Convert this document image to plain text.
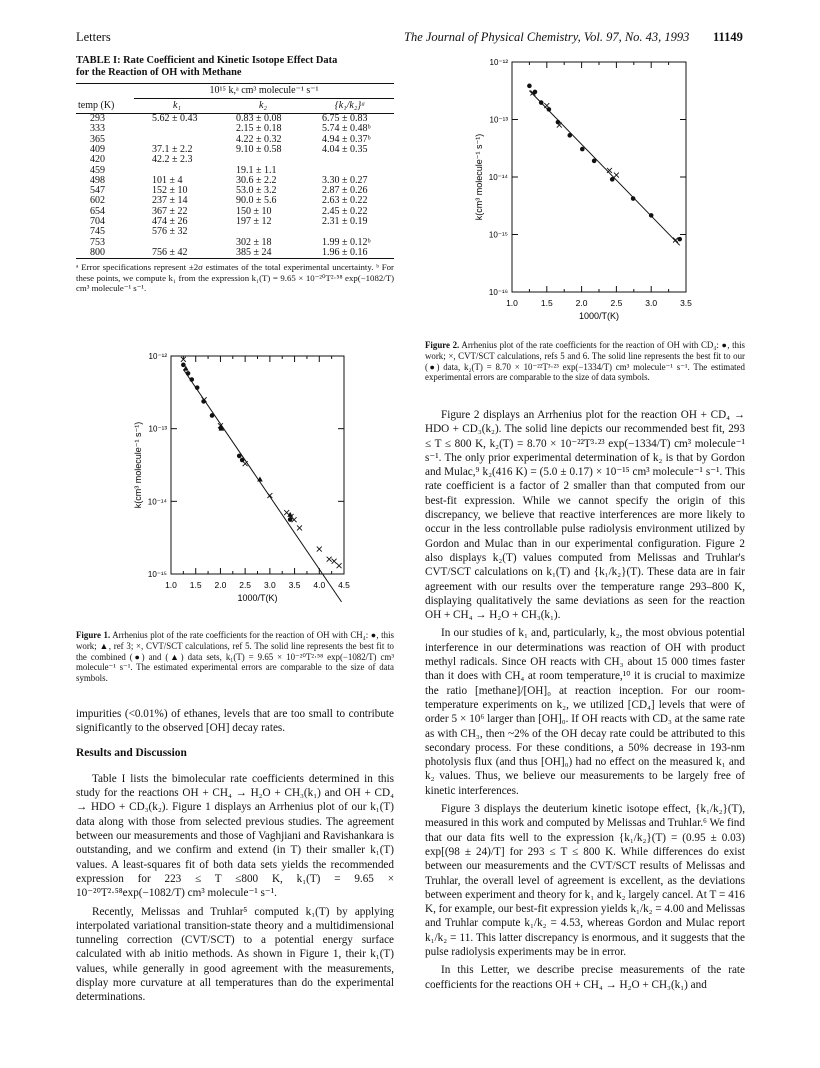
Letters	The Journal of Physical Chemistry, Vol. 97, No. 43, 1993 11149
TABLE I: Rate Coefficient and Kinetic Isotope Effect Data
for the Reaction of OH with Methane
	10¹⁵ k,ᵃ cm³ molecule⁻¹ s⁻¹		
temp (K)	k₁	k₂	{k₁/k₂}ᵃ
293	5.62 ± 0.43	0.83 ± 0.08	6.75 ± 0.83
333		2.15 ± 0.18	5.74 ± 0.48ᵇ
365		4.22 ± 0.32	4.94 ± 0.37ᵇ
409	37.1 ± 2.2	9.10 ± 0.58	4.04 ± 0.35
420	42.2 ± 2.3		
459		19.1 ± 1.1	
498	101 ± 4	30.6 ± 2.2	3.30 ± 0.27
547	152 ± 10	53.0 ± 3.2	2.87 ± 0.26
602	237 ± 14	90.0 ± 5.6	2.63 ± 0.22
654	367 ± 22	150 ± 10	2.45 ± 0.22
704	474 ± 26	197 ± 12	2.31 ± 0.19
745	576 ± 32		
753		302 ± 18	1.99 ± 0.12ᵇ
800	756 ± 42	385 ± 24	1.96 ± 0.16
ᵃ Error specifications represent ±2σ estimates of the total experimental uncertainty. ᵇ For these points, we compute k₁ from the expression k₁(T) = 9.65 × 10⁻²⁰T²·⁵⁸ exp(−1082/T) cm³ molecule⁻¹ s⁻¹.
1.0 1.5 2.0 2.5 3.0 3.5 4.0 4.5
10⁻¹²
10⁻¹³
10⁻¹⁴
10⁻¹⁵
1000/T(K)
k(cm³ molecule⁻¹ s⁻¹)
Figure 1. Arrhenius plot of the rate coefficients for the reaction of OH with CH₄: ●, this work; ▲, ref 3; ×, CVT/SCT calculations, ref 5. The solid line represents the best fit to the combined (●) and (▲) data sets, k₁(T) = 9.65 × 10⁻²⁰T²·⁵⁸ exp(−1082/T) cm³ molecule⁻¹ s⁻¹. The estimated experimental errors are comparable to the size of data symbols.

impurities (<0.01%) of ethanes, levels that are too small to contribute significantly to the observed [OH] decay rates.

Results and Discussion

Table I lists the bimolecular rate coefficients determined in this study for the reactions OH + CH₄ → H₂O + CH₃(k₁) and OH + CD₄ → HDO + CD₃(k₂). Figure 1 displays an Arrhenius plot of our k₁(T) data along with those from selected previous studies. The agreement between our measurements and those of Vaghjiani and Ravishankara is outstanding, and we confirm and extend (in T) their smaller k₁(T) values. A least-squares fit of both data sets yields the recommended expression for 223 ≤ T ≤800 K, k₁(T) = 9.65 × 10⁻²⁰T²·⁵⁸exp(−1082/T) cm³ molecule⁻¹ s⁻¹.

Recently, Melissas and Truhlar⁵ computed k₁(T) by applying interpolated variational transition-state theory and a multidimensional tunneling correction (CVT/SCT) to a potential energy surface calculated with ab initio methods. As shown in Figure 1, their k₁(T) values, while generally in good agreement with the measurements, display more curvature at all temperatures than do the experimental determinations.

1.0	1.5	2.0	2.5	3.0	3.5
10⁻¹²
10⁻¹³
10⁻¹⁴
10⁻¹⁵
10⁻¹⁶
1000/T(K)
k(cm³ molecule⁻¹ s⁻¹)
Figure 2. Arrhenius plot of the rate coefficients for the reaction of OH with CD₄: ●, this work; ×, CVT/SCT calculations, refs 5 and 6. The solid line represents the best fit to our (●) data, k₂(T) = 8.70 × 10⁻²²T³·²³ exp(−1334/T) cm³ molecule⁻¹ s⁻¹. The estimated experimental errors are comparable to the size of data symbols.

Figure 2 displays an Arrhenius plot for the reaction OH + CD₄ → HDO + CD₃(k₂). The solid line depicts our recommended best fit, 293 ≤ T ≤ 800 K, k₂(T) = 8.70 × 10⁻²²T³·²³ exp(−1334/T) cm³ molecule⁻¹ s⁻¹. The only prior experimental determination of k₂ is that by Gordon and Mulac,⁹ k₂(416 K) = (5.0 ± 0.17) × 10⁻¹⁵ cm³ molecule⁻¹ s⁻¹. This rate coefficient is a factor of 2 smaller than that computed from our best-fit expression. While we cannot specify the origin of this discrepancy, we believe that reactive interferences are more likely to occur in the less controllable pulse radiolysis environment utilized by Gordon and Mulac than in our experimental configuration. Figure 2 also displays k₂(T) values computed from Melissas and Truhlar's CVT/SCT calculations on k₁(T) and {k₁/k₂}(T). These data are in fair agreement with our results over the temperature range 293–800 K, displaying qualitatively the same deviations as seen for the reaction OH + CH₄ → H₂O + CH₃(k₁).

In our studies of k₁ and, particularly, k₂, the most obvious potential interference in our determinations was reaction of OH with product methyl radicals. Since OH reacts with CH₃ about 15 000 times faster than it does with CH₄ at room temperature,¹⁰ it is crucial to maximize the ratio [methane]/[OH]₀ at reaction inception. For our room-temperature experiments on k₂, we utilized [CD₄] levels that were of order 5 × 10⁶ larger than [OH]₀. If OH reacts with CD₃ at the same rate as with CH₃, then ~2% of the OH decay rate could be attributed to this secondary process. For these conditions, a 50% decrease in 193-nm photolysis flux (and thus [OH]₀) had no effect on the measured k₁ and k₂ values. Thus, we believe our measurements to be largely free of kinetic interferences.

Figure 3 displays the deuterium kinetic isotope effect, {k₁/k₂}(T), measured in this work and computed by Melissas and Truhlar.⁶ We find that our data fits well to the expression {k₁/k₂}(T) = (0.95 ± 0.03) exp[(98 ± 24)/T] for 293 ≤ T ≤ 800 K. While differences do exist between our measurements and the CVT/SCT results of Melissas and Truhlar, the overall level of agreement is excellent, as the deviations between experiment and theory for k₁ and k₂ largely cancel. At T = 416 K, for example, our best-fit expression yields k₁/k₂ = 4.00 and Melissas and Truhlar compute k₁/k₂ = 4.53, whereas Gordon and Mulac report k₁/k₂ = 11. This latter discrepancy is enormous, and it suggests that the pulse radiolysis experiments may be in error.

In this Letter, we describe precise measurements of the rate coefficients for the reactions OH + CH₄ → H₂O + CH₃(k₁) and
